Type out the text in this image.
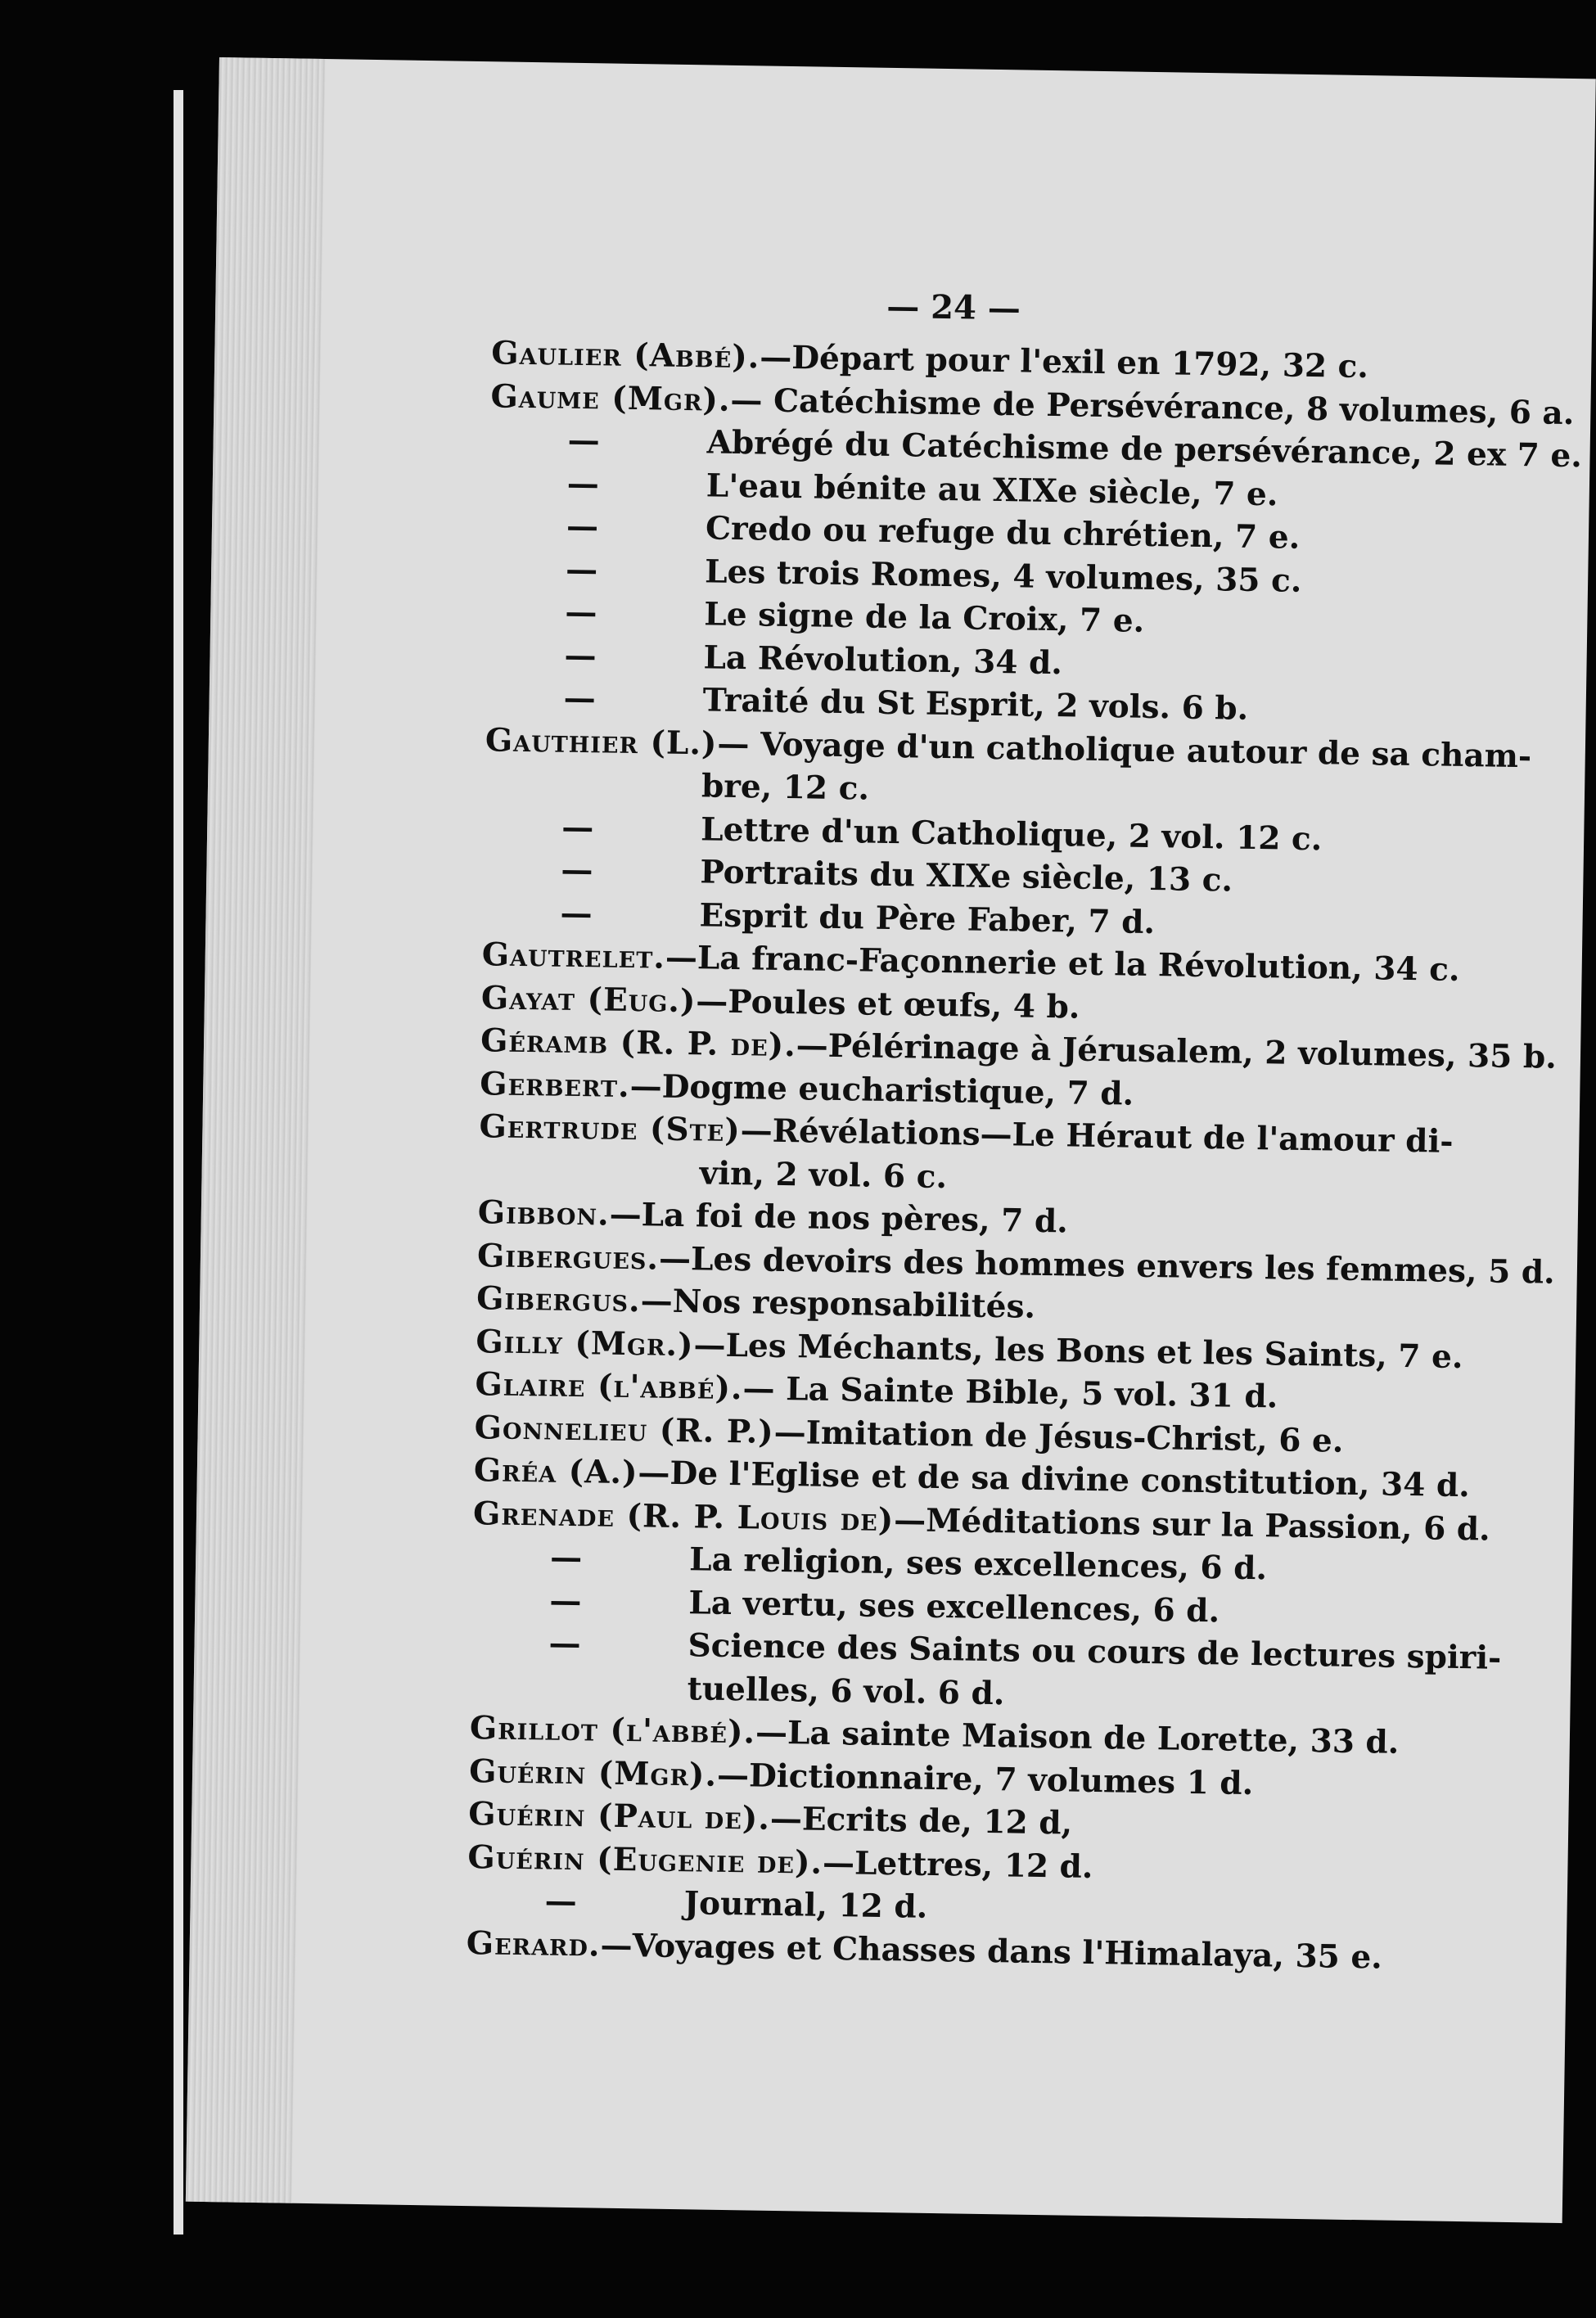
— 24 —
Gaulier (Abbé).—Départ pour l'exil en 1792, 32 c.
Gaume (Mgr).— Catéchisme de Persévérance, 8 volumes, 6 a.
—	Abrégé du Catéchisme de persévérance, 2 ex 7 e.
—	L'eau bénite au XIXe siècle, 7 e.
—	Credo ou refuge du chrétien, 7 e.
—	Les trois Romes, 4 volumes, 35 c.
—	Le signe de la Croix, 7 e.
—	La Révolution, 34 d.
—	Traité du St Esprit, 2 vols. 6 b.
Gauthier (L.)— Voyage d'un catholique autour de sa cham-
bre, 12 c.
—	Lettre d'un Catholique, 2 vol. 12 c.
—	Portraits du XIXe siècle, 13 c.
—	Esprit du Père Faber, 7 d.
Gautrelet.—La franc-Façonnerie et la Révolution, 34 c.
Gayat (Eug.)—Poules et œufs, 4 b.
Géramb (R. P. de).—Pélérinage à Jérusalem, 2 volumes, 35 b.
Gerbert.—Dogme eucharistique, 7 d.
Gertrude (Ste)—Révélations—Le Héraut de l'amour di-
vin, 2 vol. 6 c.
Gibbon.—La foi de nos pères, 7 d.
Gibergues.—Les devoirs des hommes envers les femmes, 5 d.
Gibergus.—Nos responsabilités.
Gilly (Mgr.)—Les Méchants, les Bons et les Saints, 7 e.
Glaire (l'abbé).— La Sainte Bible, 5 vol. 31 d.
Gonnelieu (R. P.)—Imitation de Jésus-Christ, 6 e.
Gréa (A.)—De l'Eglise et de sa divine constitution, 34 d.
Grenade (R. P. Louis de)—Méditations sur la Passion, 6 d.
—	La religion, ses excellences, 6 d.
—	La vertu, ses excellences, 6 d.
—	Science des Saints ou cours de lectures spiri-
tuelles, 6 vol. 6 d.
Grillot (l'abbé).—La sainte Maison de Lorette, 33 d.
Guérin (Mgr).—Dictionnaire, 7 volumes 1 d.
Guérin (Paul de).—Ecrits de, 12 d,
Guérin (Eugenie de).—Lettres, 12 d.
—	Journal, 12 d.
Gerard.—Voyages et Chasses dans l'Himalaya, 35 e.
